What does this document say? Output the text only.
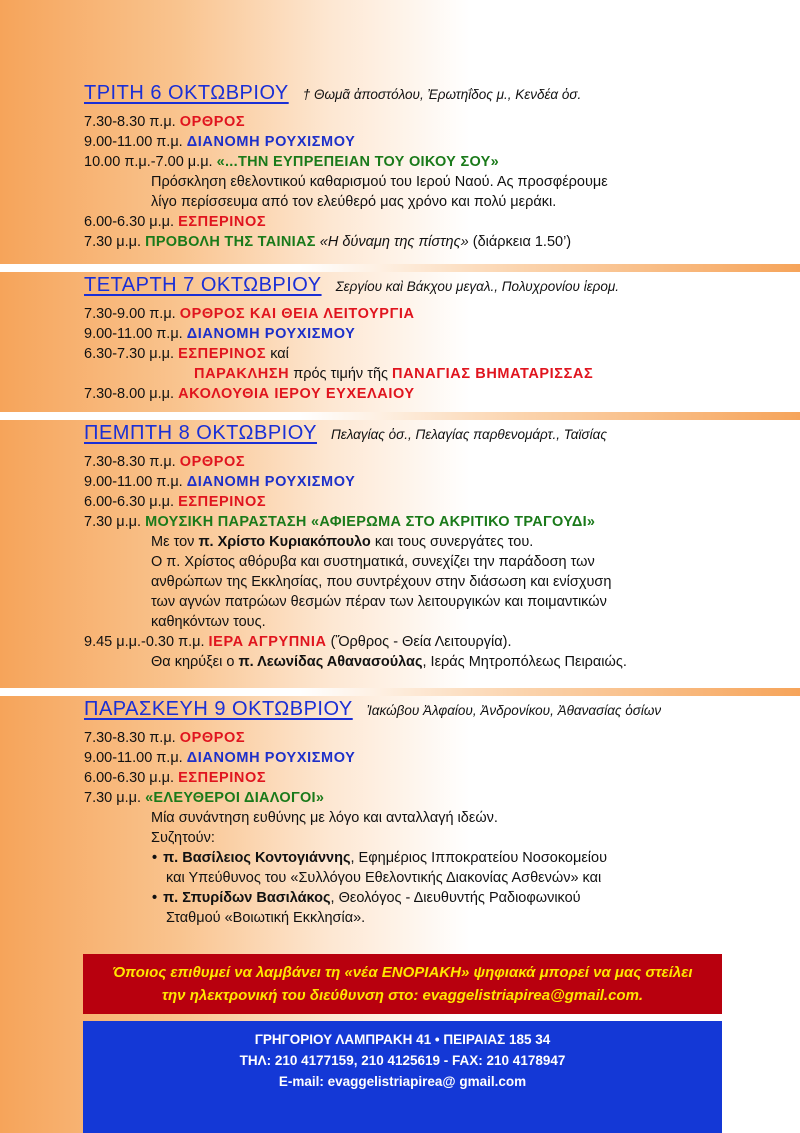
ΤΡΙΤΗ 6 ΟΚΤΩΒΡΙΟΥ † Θωμᾶ ἀποστόλου, Ἐρωτηΐδος μ., Κενδέα ὁσ.
7.30-8.30 π.μ. ΟΡΘΡΟΣ
9.00-11.00 π.μ. ΔΙΑΝΟΜΗ ΡΟΥΧΙΣΜΟΥ
10.00 π.μ.-7.00 μ.μ. «...ΤΗΝ ΕΥΠΡΕΠΕΙΑΝ ΤΟΥ ΟΙΚΟΥ ΣΟΥ»
Πρόσκληση εθελοντικού καθαρισμού του Ιερού Ναού. Ας προσφέρουμε
λίγο περίσσευμα από τον ελεύθερό μας χρόνο και πολύ μεράκι.
6.00-6.30 μ.μ. ΕΣΠΕΡΙΝΟΣ
7.30 μ.μ. ΠΡΟΒΟΛΗ ΤΗΣ ΤΑΙΝΙΑΣ «Η δύναμη της πίστης» (διάρκεια 1.50’)
ΤΕΤΑΡΤΗ 7 ΟΚΤΩΒΡΙΟΥ Σεργίου καὶ Βάκχου μεγαλ., Πολυχρονίου ἱερομ.
7.30-9.00 π.μ. ΟΡΘΡΟΣ ΚΑΙ ΘΕΙΑ ΛΕΙΤΟΥΡΓΙΑ
9.00-11.00 π.μ. ΔΙΑΝΟΜΗ ΡΟΥΧΙΣΜΟΥ
6.30-7.30 μ.μ. ΕΣΠΕΡΙΝΟΣ καί
ΠΑΡΑΚΛΗΣΗ πρός τιμήν τῆς ΠΑΝΑΓΙΑΣ ΒΗΜΑΤΑΡΙΣΣΑΣ
7.30-8.00 μ.μ. ΑΚΟΛΟΥΘΙΑ ΙΕΡΟΥ ΕΥΧΕΛΑΙΟΥ
ΠΕΜΠΤΗ 8 ΟΚΤΩΒΡΙΟΥ Πελαγίας ὁσ., Πελαγίας παρθενομάρτ., Ταϊσίας
7.30-8.30 π.μ. ΟΡΘΡΟΣ
9.00-11.00 π.μ. ΔΙΑΝΟΜΗ ΡΟΥΧΙΣΜΟΥ
6.00-6.30 μ.μ. ΕΣΠΕΡΙΝΟΣ
7.30 μ.μ. ΜΟΥΣΙΚΗ ΠΑΡΑΣΤΑΣΗ «ΑΦΙΕΡΩΜΑ ΣΤΟ ΑΚΡΙΤΙΚΟ ΤΡΑΓΟΥΔΙ»
Με τον π. Χρίστο Κυριακόπουλο και τους συνεργάτες του.
Ο π. Χρίστος αθόρυβα και συστηματικά, συνεχίζει την παράδοση των
ανθρώπων της Εκκλησίας, που συντρέχουν στην διάσωση και ενίσχυση
των αγνών πατρώων θεσμών πέραν των λειτουργικών και ποιμαντικών
καθηκόντων τους.
9.45 μ.μ.-0.30 π.μ. ΙΕΡΑ ΑΓΡΥΠΝΙΑ (Ὄρθρος - Θεία Λειτουργία).
Θα κηρύξει ο π. Λεωνίδας Αθανασούλας, Ιεράς Μητροπόλεως Πειραιώς.
ΠΑΡΑΣΚΕΥΗ 9 ΟΚΤΩΒΡΙΟΥ Ἰακώβου Ἀλφαίου, Ἀνδρονίκου, Ἀθανασίας ὁσίων
7.30-8.30 π.μ. ΟΡΘΡΟΣ
9.00-11.00 π.μ. ΔΙΑΝΟΜΗ ΡΟΥΧΙΣΜΟΥ
6.00-6.30 μ.μ. ΕΣΠΕΡΙΝΟΣ
7.30 μ.μ. «ΕΛΕΥΘΕΡΟΙ ΔΙΑΛΟΓΟΙ»
Μία συνάντηση ευθύνης με λόγο και ανταλλαγή ιδεών.
Συζητούν:
• π. Βασίλειος Κοντογιάννης, Εφημέριος Ιπποκρατείου Νοσοκομείου
και Υπεύθυνος του «Συλλόγου Εθελοντικής Διακονίας Ασθενών» και
• π. Σπυρίδων Βασιλάκος, Θεολόγος - Διευθυντής Ραδιοφωνικού
Σταθμού «Βοιωτική Εκκλησία».
Όποιος επιθυμεί να λαμβάνει τη «νέα ΕΝΟΡΙΑΚΗ» ψηφιακά μπορεί να μας στείλει
την ηλεκτρονική του διεύθυνση στο: evaggelistriapirea@gmail.com.
ΓΡΗΓΟΡΙΟΥ ΛΑΜΠΡΑΚΗ 41 • ΠΕΙΡΑΙΑΣ 185 34
ΤΗΛ: 210 4177159, 210 4125619 - FAX: 210 4178947
E-mail: evaggelistriapirea@ gmail.com
